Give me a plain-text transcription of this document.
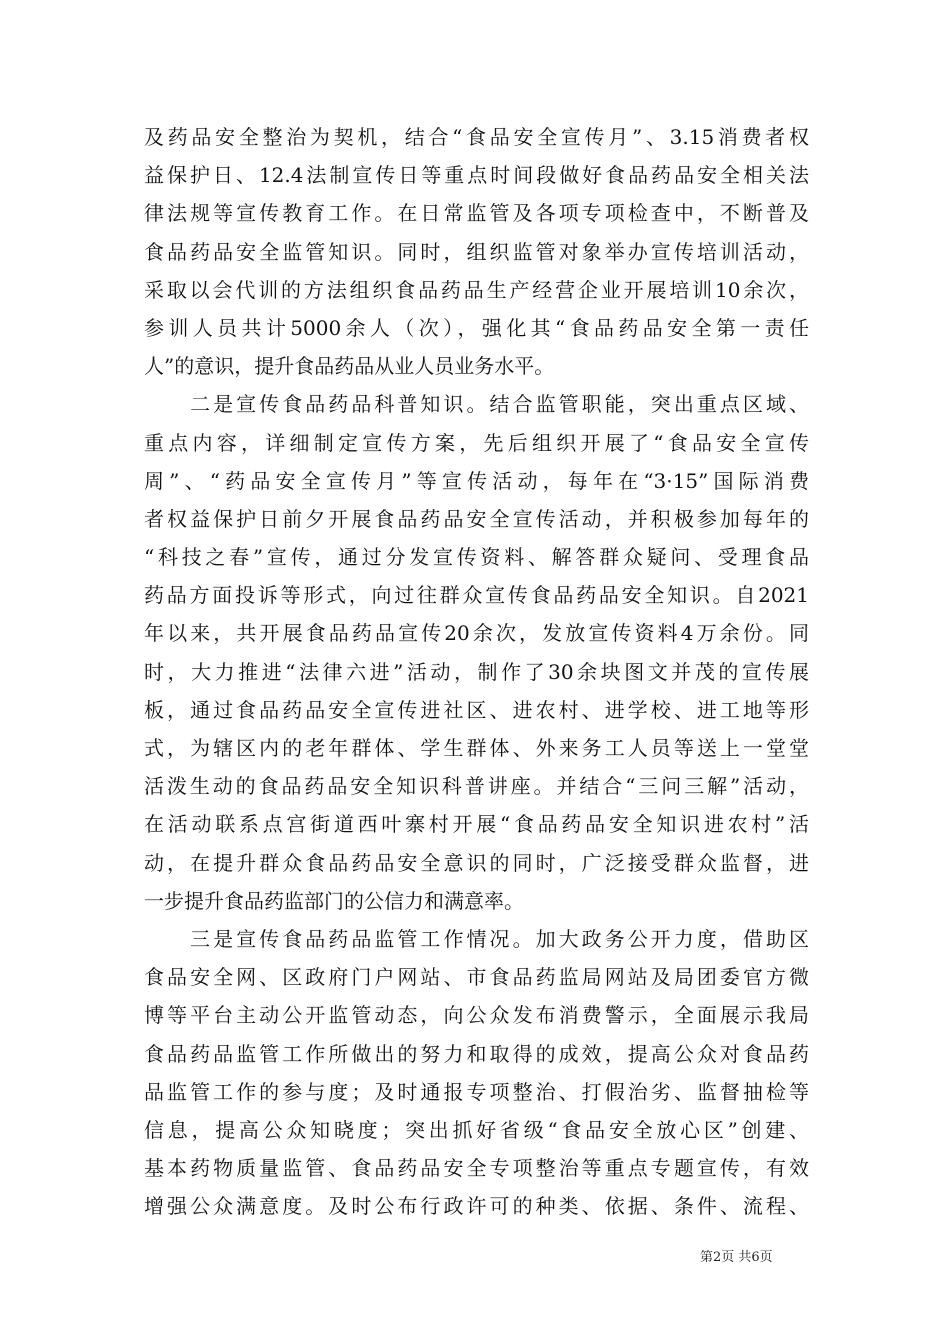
及药品安全整治为契机，结合“食品安全宣传月”、3.15消费者权
益保护日、12.4法制宣传日等重点时间段做好食品药品安全相关法
律法规等宣传教育工作。在日常监管及各项专项检查中，不断普及
食品药品安全监管知识。同时，组织监管对象举办宣传培训活动，
采取以会代训的方法组织食品药品生产经营企业开展培训10余次，
参训人员共计5000余人（次），强化其“食品药品安全第一责任
人”的意识，提升食品药品从业人员业务水平。
　　二是宣传食品药品科普知识。结合监管职能，突出重点区域、
重点内容，详细制定宣传方案，先后组织开展了“食品安全宣传
周”、“药品安全宣传月”等宣传活动，每年在“3·15”国际消费
者权益保护日前夕开展食品药品安全宣传活动，并积极参加每年的
“科技之春”宣传，通过分发宣传资料、解答群众疑问、受理食品
药品方面投诉等形式，向过往群众宣传食品药品安全知识。自2021
年以来，共开展食品药品宣传20余次，发放宣传资料4万余份。同
时，大力推进“法律六进”活动，制作了30余块图文并茂的宣传展
板，通过食品药品安全宣传进社区、进农村、进学校、进工地等形
式，为辖区内的老年群体、学生群体、外来务工人员等送上一堂堂
活泼生动的食品药品安全知识科普讲座。并结合“三问三解”活动，
在活动联系点宫街道西叶寨村开展“食品药品安全知识进农村”活
动，在提升群众食品药品安全意识的同时，广泛接受群众监督，进
一步提升食品药监部门的公信力和满意率。
　　三是宣传食品药品监管工作情况。加大政务公开力度，借助区
食品安全网、区政府门户网站、市食品药监局网站及局团委官方微
博等平台主动公开监管动态，向公众发布消费警示，全面展示我局
食品药品监管工作所做出的努力和取得的成效，提高公众对食品药
品监管工作的参与度；及时通报专项整治、打假治劣、监督抽检等
信息，提高公众知晓度；突出抓好省级“食品安全放心区”创建、
基本药物质量监管、食品药品安全专项整治等重点专题宣传，有效
增强公众满意度。及时公布行政许可的种类、依据、条件、流程、
第2页 共6页
